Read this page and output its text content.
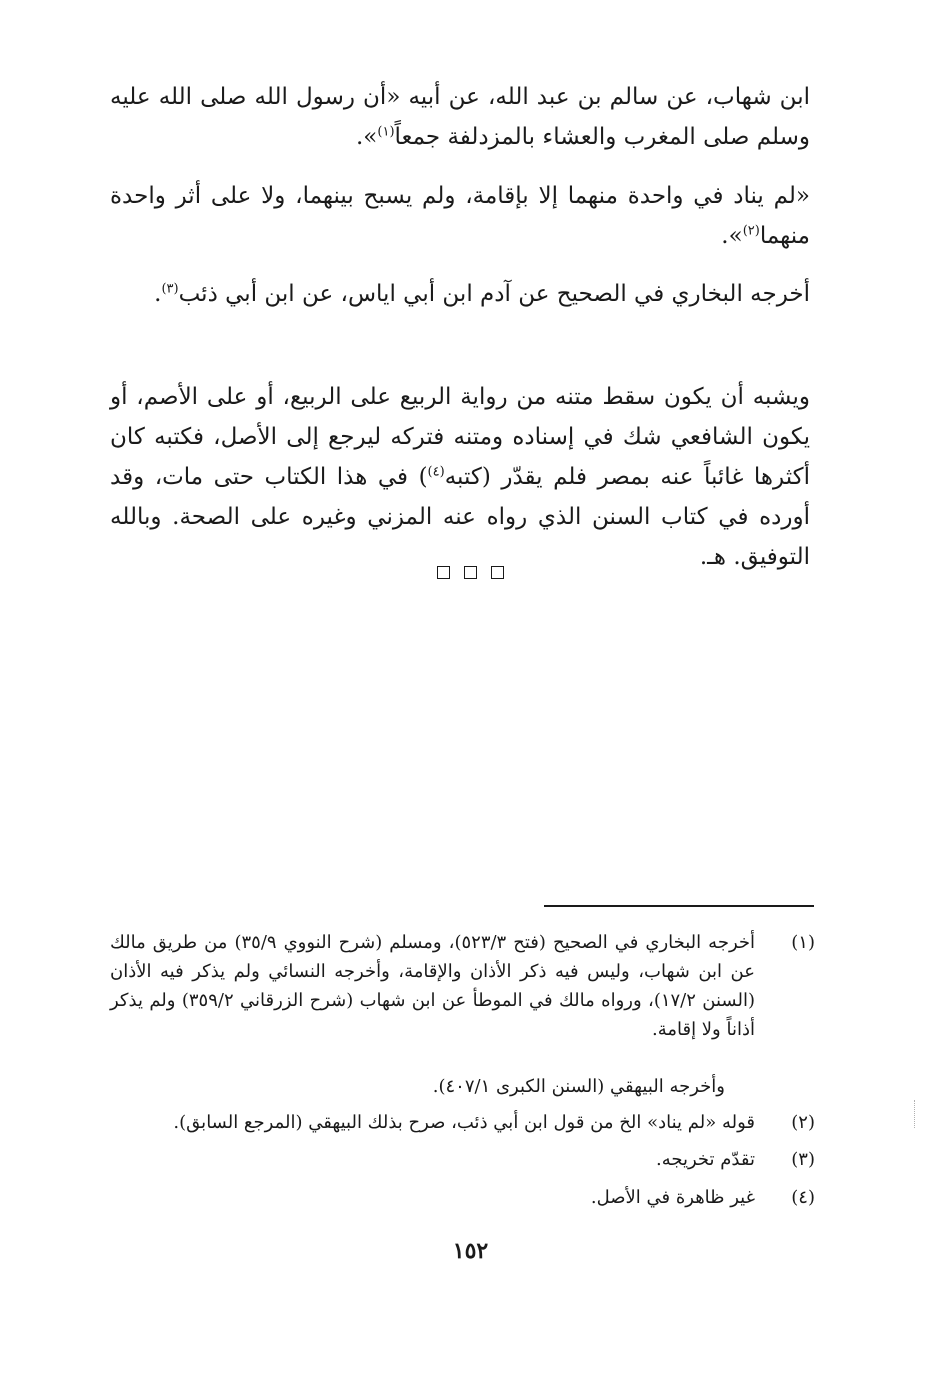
ابن شهاب، عن سالم بن عبد الله، عن أبيه «أن رسول الله صلى الله عليه وسلم صلى المغرب والعشاء بالمزدلفة جمعاً$^{(١)}$».

«لم يناد في واحدة منهما إلا بإقامة، ولم يسبح بينهما، ولا على أثر واحدة منهما$^{(٢)}$».

أخرجه البخاري في الصحيح عن آدم ابن أبي اياس، عن ابن أبي ذئب$^{(٣)}$.

ويشبه أن يكون سقط متنه من رواية الربيع على الربيع، أو على الأصم، أو يكون الشافعي شك في إسناده ومتنه فتركه ليرجع إلى الأصل، فكتبه كان أكثرها غائباً عنه بمصر فلم يقدّر (كتبه$^{(٤)}$) في هذا الكتاب حتى مات، وقد أورده في كتاب السنن الذي رواه عنه المزني وغيره على الصحة. وبالله التوفيق. هـ.

(١)
أخرجه البخاري في الصحيح (فتح ٥٢٣/٣)، ومسلم (شرح النووي ٣٥/٩) من طريق مالك عن ابن شهاب، وليس فيه ذكر الأذان والإقامة، وأخرجه النسائي ولم يذكر فيه الأذان (السنن ١٧/٢)، ورواه مالك في الموطأ عن ابن شهاب (شرح الزرقاني ٣٥٩/٢) ولم يذكر أذاناً ولا إقامة.
وأخرجه البيهقي (السنن الكبرى ٤٠٧/١).
(٢)
قوله «لم يناد» الخ من قول ابن أبي ذئب، صرح بذلك البيهقي (المرجع السابق).
(٣)
تقدّم تخريجه.
(٤)
غير ظاهرة في الأصل.
١٥٢
